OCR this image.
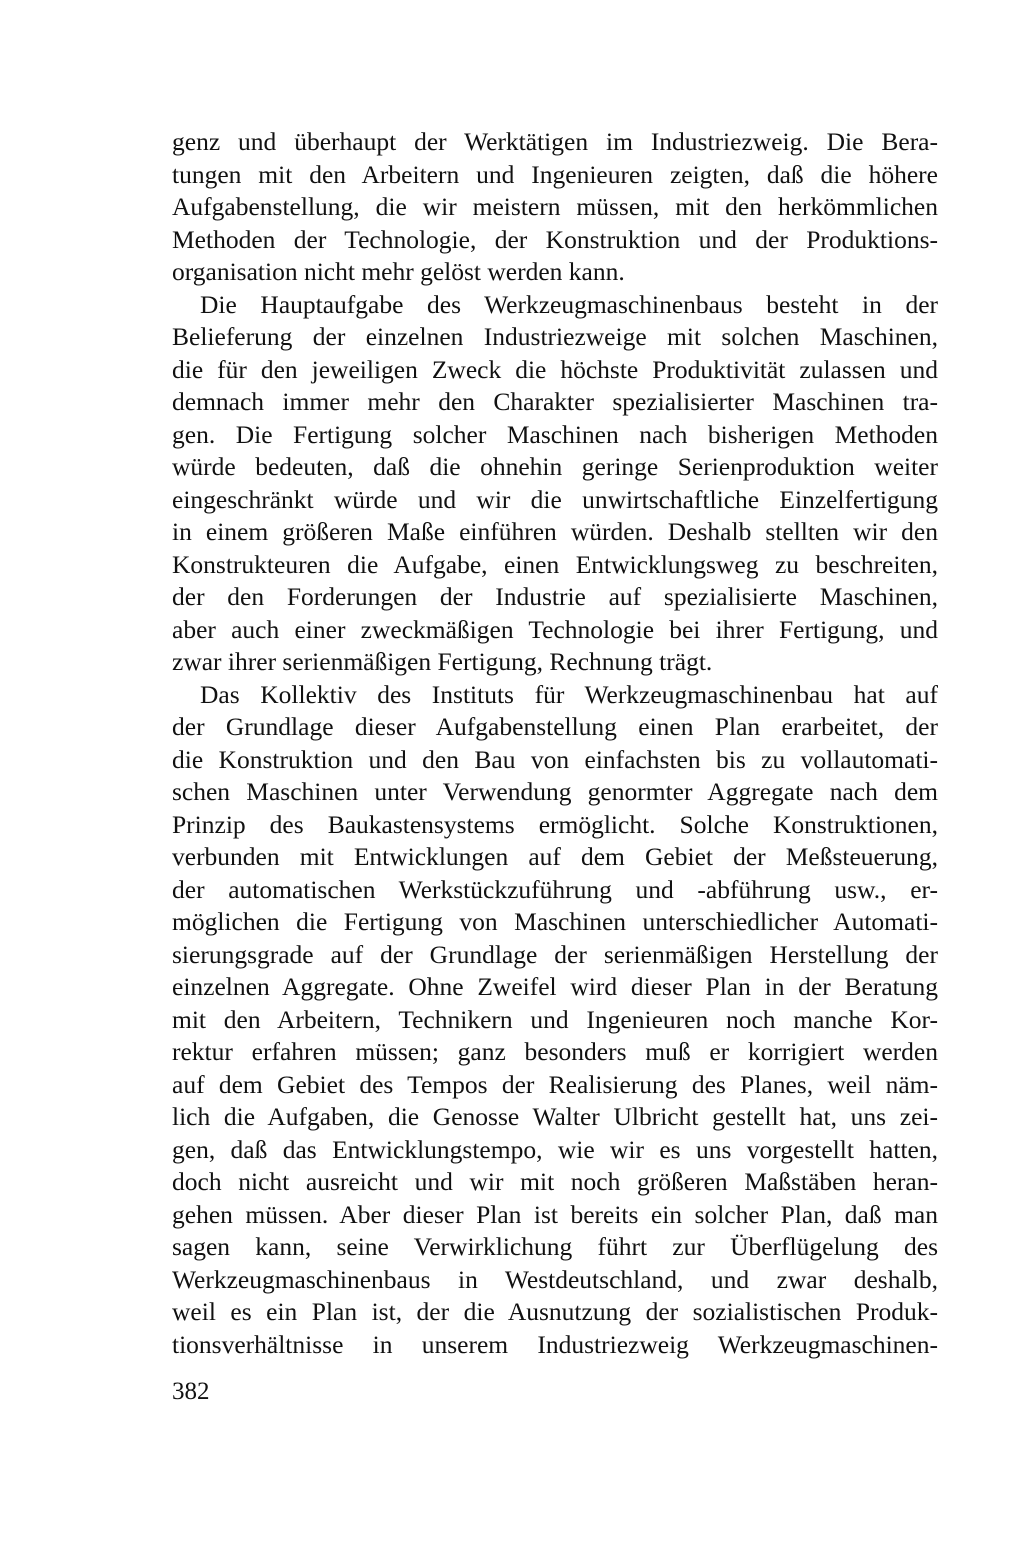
genz und überhaupt der Werktätigen im Industriezweig. Die Bera-
tungen mit den Arbeitern und Ingenieuren zeigten, daß die höhere
Aufgabenstellung, die wir meistern müssen, mit den herkömmlichen
Methoden der Technologie, der Konstruktion und der Produktions-
organisation nicht mehr gelöst werden kann.
Die Hauptaufgabe des Werkzeugmaschinenbaus besteht in der
Belieferung der einzelnen Industriezweige mit solchen Maschinen,
die für den jeweiligen Zweck die höchste Produktivität zulassen und
demnach immer mehr den Charakter spezialisierter Maschinen tra-
gen. Die Fertigung solcher Maschinen nach bisherigen Methoden
würde bedeuten, daß die ohnehin geringe Serienproduktion weiter
eingeschränkt würde und wir die unwirtschaftliche Einzelfertigung
in einem größeren Maße einführen würden. Deshalb stellten wir den
Konstrukteuren die Aufgabe, einen Entwicklungsweg zu beschreiten,
der den Forderungen der Industrie auf spezialisierte Maschinen,
aber auch einer zweckmäßigen Technologie bei ihrer Fertigung, und
zwar ihrer serienmäßigen Fertigung, Rechnung trägt.
Das Kollektiv des Instituts für Werkzeugmaschinenbau hat auf
der Grundlage dieser Aufgabenstellung einen Plan erarbeitet, der
die Konstruktion und den Bau von einfachsten bis zu vollautomati-
schen Maschinen unter Verwendung genormter Aggregate nach dem
Prinzip des Baukastensystems ermöglicht. Solche Konstruktionen,
verbunden mit Entwicklungen auf dem Gebiet der Meßsteuerung,
der automatischen Werkstückzuführung und -abführung usw., er-
möglichen die Fertigung von Maschinen unterschiedlicher Automati-
sierungsgrade auf der Grundlage der serienmäßigen Herstellung der
einzelnen Aggregate. Ohne Zweifel wird dieser Plan in der Beratung
mit den Arbeitern, Technikern und Ingenieuren noch manche Kor-
rektur erfahren müssen; ganz besonders muß er korrigiert werden
auf dem Gebiet des Tempos der Realisierung des Planes, weil näm-
lich die Aufgaben, die Genosse Walter Ulbricht gestellt hat, uns zei-
gen, daß das Entwicklungstempo, wie wir es uns vorgestellt hatten,
doch nicht ausreicht und wir mit noch größeren Maßstäben heran-
gehen müssen. Aber dieser Plan ist bereits ein solcher Plan, daß man
sagen kann, seine Verwirklichung führt zur Überflügelung des
Werkzeugmaschinenbaus in Westdeutschland, und zwar deshalb,
weil es ein Plan ist, der die Ausnutzung der sozialistischen Produk-
tionsverhältnisse in unserem Industriezweig Werkzeugmaschinen-
382
